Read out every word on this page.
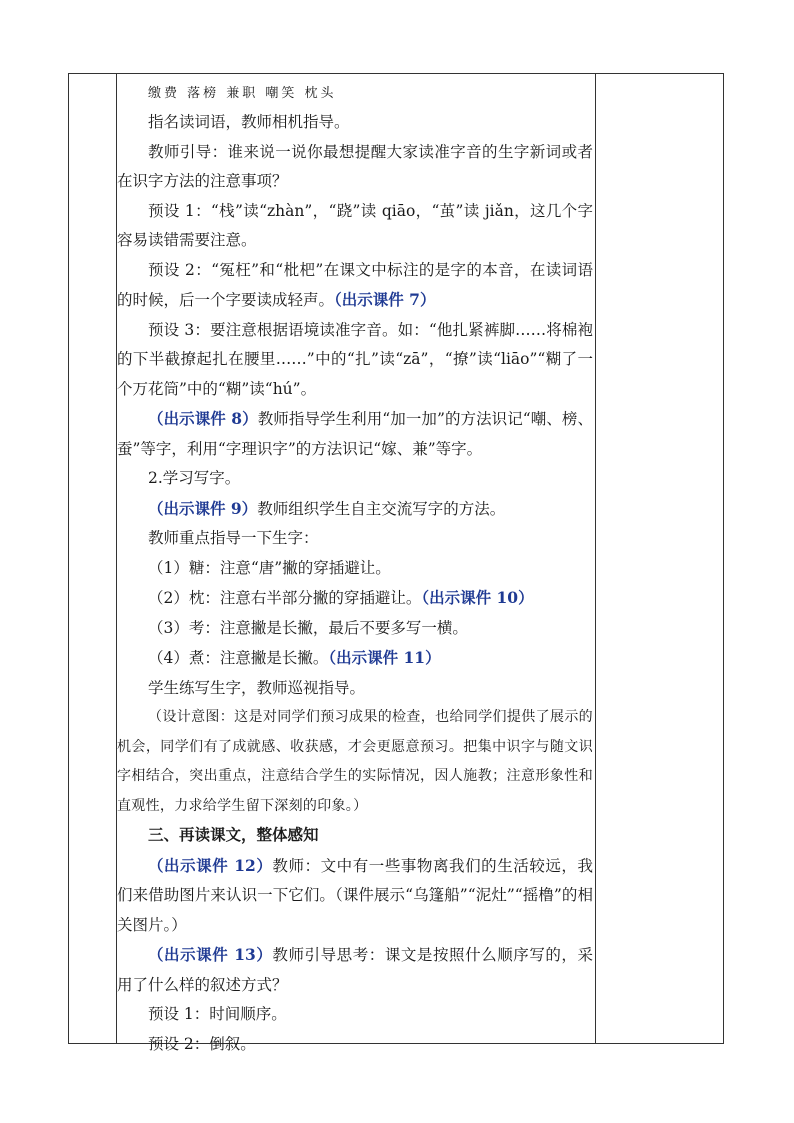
缴费 落榜 兼职 嘲笑 枕头

指名读词语，教师相机指导。

教师引导：谁来说一说你最想提醒大家读准字音的生字新词或者在识字方法的注意事项？

预设 1：“栈”读“zhàn”，“跷”读 qiāo，“茧”读 jiǎn，这几个字容易读错需要注意。

预设 2：“冤枉”和“枇杷”在课文中标注的是字的本音，在读词语的时候，后一个字要读成轻声。（出示课件 7）

预设 3：要注意根据语境读准字音。如：“他扎紧裤脚……将棉袍的下半截撩起扎在腰里……”中的“扎”读“zā”，“撩”读“liāo”“糊了一个万花筒”中的“糊”读“hú”。

（出示课件 8）教师指导学生利用“加一加”的方法识记“嘲、榜、蚕”等字，利用“字理识字”的方法识记“嫁、兼”等字。

2.学习写字。

（出示课件 9）教师组织学生自主交流写字的方法。

教师重点指导一下生字：

（1）糖：注意“唐”撇的穿插避让。

（2）枕：注意右半部分撇的穿插避让。（出示课件 10）

（3）考：注意撇是长撇，最后不要多写一横。

（4）煮：注意撇是长撇。（出示课件 11）

学生练写生字，教师巡视指导。

（设计意图：这是对同学们预习成果的检查，也给同学们提供了展示的机会，同学们有了成就感、收获感，才会更愿意预习。把集中识字与随文识字相结合，突出重点，注意结合学生的实际情况，因人施教；注意形象性和直观性，力求给学生留下深刻的印象。）

三、再读课文，整体感知

（出示课件 12）教师：文中有一些事物离我们的生活较远，我们来借助图片来认识一下它们。（课件展示“乌篷船”“泥灶”“摇橹”的相关图片。）

（出示课件 13）教师引导思考：课文是按照什么顺序写的，采用了什么样的叙述方式？

预设 1：时间顺序。

预设 2：倒叙。
